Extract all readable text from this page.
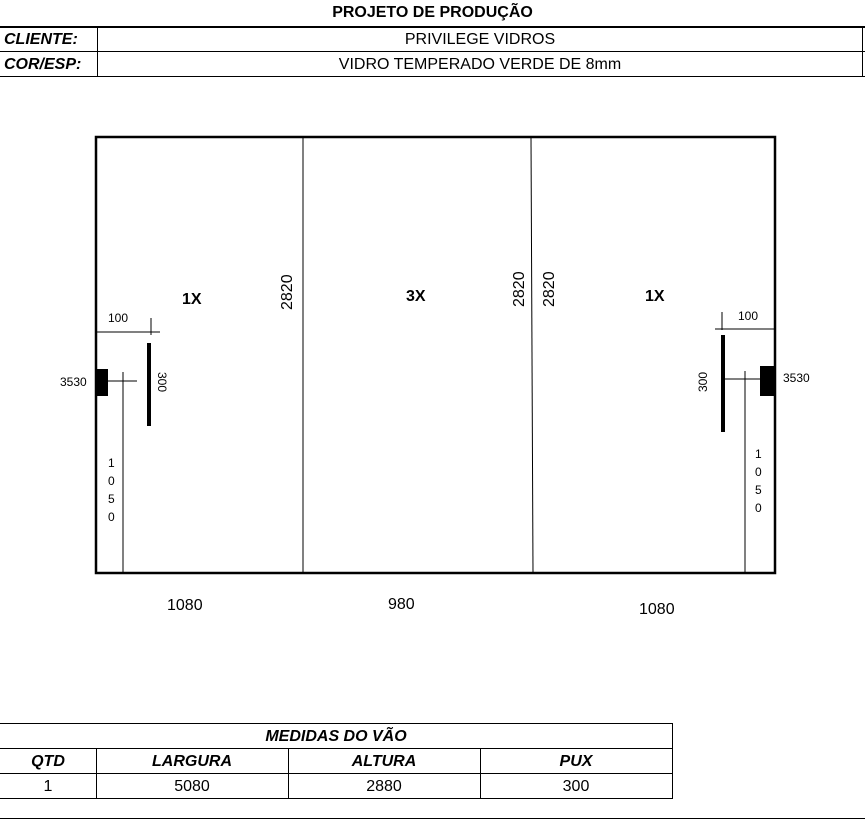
PROJETO DE PRODUÇÃO
CLIENTE:	PRIVILEGE VIDROS
COR/ESP:	VIDRO TEMPERADO VERDE DE 8mm
2820	2820 2820
1X	3X	1X
100
300
3530
1
0
5
0
100
300	3530
1
0
5
0
1080	980	1080
MEDIDAS DO VÃO
QTD	LARGURA	ALTURA	PUX
1	5080	2880	300
